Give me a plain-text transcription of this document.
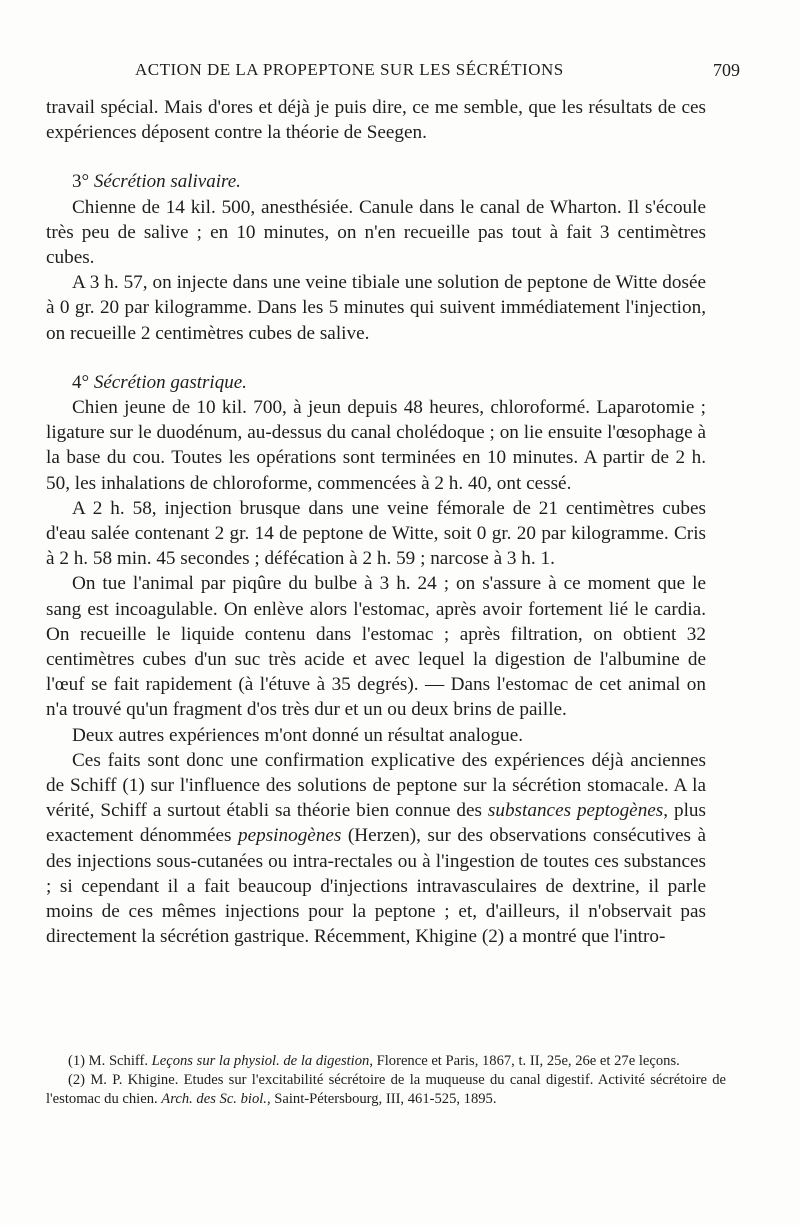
ACTION DE LA PROPEPTONE SUR LES SÉCRÉTIONS	709

travail spécial. Mais d'ores et déjà je puis dire, ce me semble, que les résultats de ces expériences déposent contre la théorie de Seegen.

3° Sécrétion salivaire.

Chienne de 14 kil. 500, anesthésiée. Canule dans le canal de Wharton. Il s'écoule très peu de salive ; en 10 minutes, on n'en recueille pas tout à fait 3 centimètres cubes.

A 3 h. 57, on injecte dans une veine tibiale une solution de peptone de Witte dosée à 0 gr. 20 par kilogramme. Dans les 5 minutes qui suivent immédiatement l'injection, on recueille 2 centimètres cubes de salive.

4° Sécrétion gastrique.

Chien jeune de 10 kil. 700, à jeun depuis 48 heures, chloroformé. Laparotomie ; ligature sur le duodénum, au-dessus du canal cholédoque ; on lie ensuite l'œsophage à la base du cou. Toutes les opérations sont terminées en 10 minutes. A partir de 2 h. 50, les inhalations de chloroforme, commencées à 2 h. 40, ont cessé.

A 2 h. 58, injection brusque dans une veine fémorale de 21 centimètres cubes d'eau salée contenant 2 gr. 14 de peptone de Witte, soit 0 gr. 20 par kilogramme. Cris à 2 h. 58 min. 45 secondes ; défécation à 2 h. 59 ; narcose à 3 h. 1.

On tue l'animal par piqûre du bulbe à 3 h. 24 ; on s'assure à ce moment que le sang est incoagulable. On enlève alors l'estomac, après avoir fortement lié le cardia. On recueille le liquide contenu dans l'estomac ; après filtration, on obtient 32 centimètres cubes d'un suc très acide et avec lequel la digestion de l'albumine de l'œuf se fait rapidement (à l'étuve à 35 degrés). — Dans l'estomac de cet animal on n'a trouvé qu'un fragment d'os très dur et un ou deux brins de paille.

Deux autres expériences m'ont donné un résultat analogue.

Ces faits sont donc une confirmation explicative des expériences déjà anciennes de Schiff (1) sur l'influence des solutions de peptone sur la sécrétion stomacale. A la vérité, Schiff a surtout établi sa théorie bien connue des substances peptogènes, plus exactement dénommées pepsinogènes (Herzen), sur des observations consécutives à des injections sous-cutanées ou intra-rectales ou à l'ingestion de toutes ces substances ; si cependant il a fait beaucoup d'injections intravasculaires de dextrine, il parle moins de ces mêmes injections pour la peptone ; et, d'ailleurs, il n'observait pas directement la sécrétion gastrique. Récemment, Khigine (2) a montré que l'intro-

(1) M. Schiff. Leçons sur la physiol. de la digestion, Florence et Paris, 1867, t. II, 25e, 26e et 27e leçons.

(2) M. P. Khigine. Etudes sur l'excitabilité sécrétoire de la muqueuse du canal digestif. Activité sécrétoire de l'estomac du chien. Arch. des Sc. biol., Saint-Pétersbourg, III, 461-525, 1895.
